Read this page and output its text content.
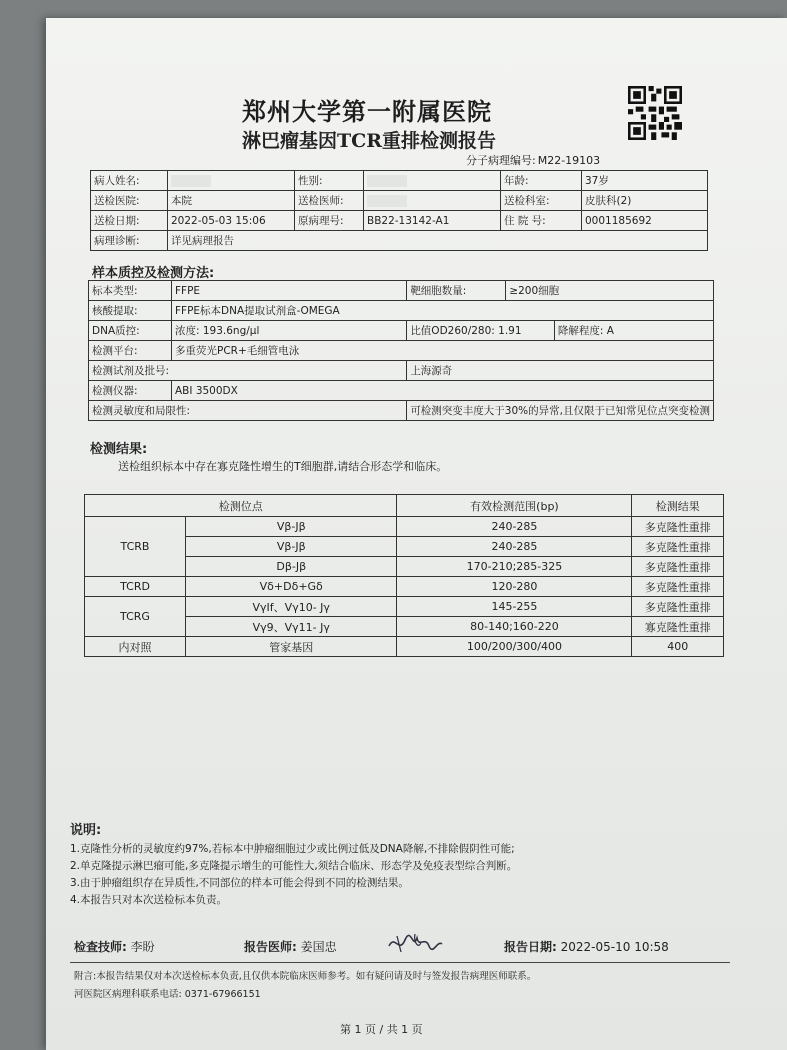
郑州大学第一附属医院
淋巴瘤基因TCR重排检测报告
分子病理编号: M22-19103
病人姓名:		性别:		年龄:	37岁
送检医院:	本院	送检医师:		送检科室:	皮肤科(2)
送检日期:	2022-05-03 15:06	原病理号:	BB22-13142-A1	住 院 号:	0001185692
病理诊断:	详见病理报告				
样本质控及检测方法:
标本类型:	FFPE	靶细胞数量:	≥200细胞	
核酸提取:	FFPE标本DNA提取试剂盒-OMEGA			
DNA质控:	浓度: 193.6ng/μl	比值OD260/280: 1.91		降解程度: A
检测平台:	多重荧光PCR+毛细管电泳			
检测试剂及批号:		上海源奇		
检测仪器:	ABI 3500DX			
检测灵敏度和局限性:		可检测突变丰度大于30%的异常,且仅限于已知常见位点突变检测		
检测结果:
送检组织标本中存在寡克隆性增生的T细胞群,请结合形态学和临床。
检测位点		有效检测范围(bp)	检测结果
TCRB	Vβ-Jβ	240-285	多克隆性重排
	Vβ-Jβ	240-285	多克隆性重排
	Dβ-Jβ	170-210;285-325	多克隆性重排
TCRD	Vδ+Dδ+Gδ	120-280	多克隆性重排
TCRG	VγIf、Vγ10- Jγ	145-255	多克隆性重排
	Vγ9、Vγ11- Jγ	80-140;160-220	寡克隆性重排
内对照	管家基因	100/200/300/400	400
说明:
1.克隆性分析的灵敏度约97%,若标本中肿瘤细胞过少或比例过低及DNA降解,不排除假阴性可能;
2.单克隆提示淋巴瘤可能,多克隆提示增生的可能性大,须结合临床、形态学及免疫表型综合判断。
3.由于肿瘤组织存在异质性,不同部位的样本可能会得到不同的检测结果。
4.本报告只对本次送检标本负责。
检查技师: 李盼	报告医师: 姜国忠	报告日期: 2022-05-10 10:58
附言:本报告结果仅对本次送检标本负责,且仅供本院临床医师参考。如有疑问请及时与签发报告病理医师联系。
河医院区病理科联系电话: 0371-67966151
第 1 页 / 共 1 页
